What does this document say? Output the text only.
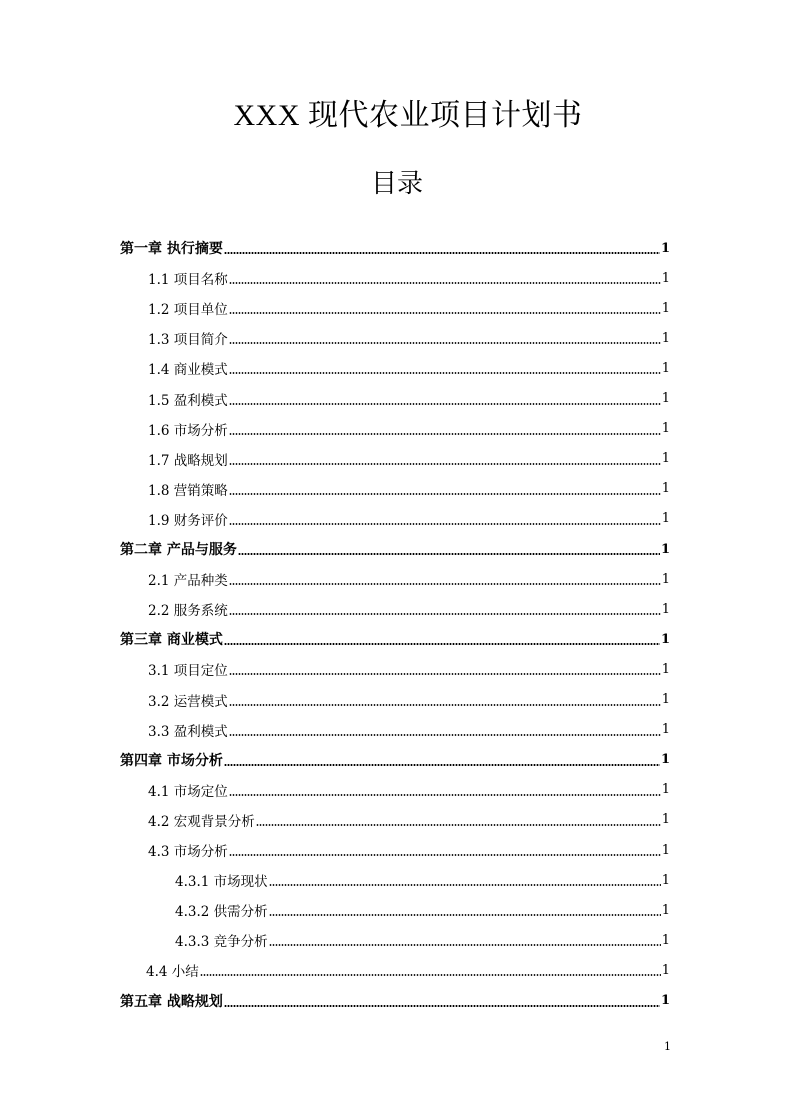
XXX 现代农业项目计划书
目录
第一章 执行摘要	1
1.1 项目名称	1
1.2 项目单位	1
1.3 项目简介	1
1.4 商业模式	1
1.5 盈利模式	1
1.6 市场分析	1
1.7 战略规划	1
1.8 营销策略	1
1.9 财务评价	1
第二章 产品与服务	1
2.1 产品种类	1
2.2 服务系统	1
第三章 商业模式	1
3.1 项目定位	1
3.2 运营模式	1
3.3 盈利模式	1
第四章 市场分析	1
4.1 市场定位	1
4.2 宏观背景分析	1
4.3 市场分析	1
4.3.1 市场现状	1
4.3.2 供需分析	1
4.3.3 竞争分析	1
4.4 小结	1
第五章 战略规划	1
1
